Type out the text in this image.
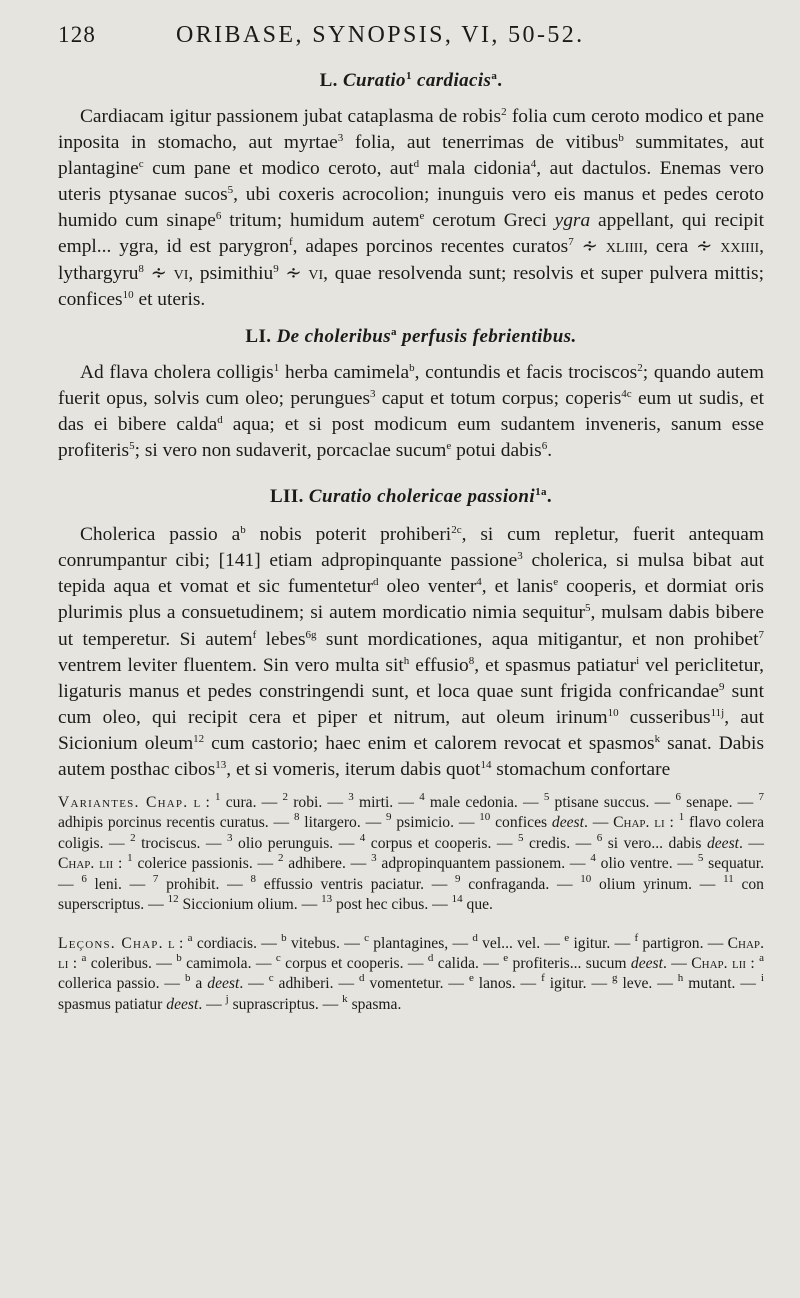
128	ORIBASE, SYNOPSIS, VI, 50-52.
L. Curatio$^1$ cardiacis$^a$.

Cardiacam igitur passionem jubat cataplasma de robis$^2$ folia cum ceroto modico et pane inposita in stomacho, aut myrtae$^3$ folia, aut tenerrimas de vitibus$^b$ summitates, aut plantagine$^c$ cum pane et modico ceroto, aut$^d$ mala cidonia$^4$, aut dactulos. Enemas vero uteris ptysanae sucos$^5$, ubi coxeris acrocolion; inunguis vero eis manus et pedes ceroto humido cum sinape$^6$ tritum; humidum autem$^e$ cerotum Greci ygra appellant, qui recipit empl... ygra, id est parygron$^f$, adapes porcinos recentes curatos$^7$ ∻ xliiii, cera ∻ xxiiii, lythargyru$^8$ ∻ vi, psimithiu$^9$ ∻ vi, quae resolvenda sunt; resolvis et super pulvera mittis; confices$^{10}$ et uteris.

LI. De choleribus$^a$ perfusis febrientibus.

Ad flava cholera colligis$^1$ herba camimela$^b$, contundis et facis trociscos$^2$; quando autem fuerit opus, solvis cum oleo; perungues$^3$ caput et totum corpus; coperis$^{4c}$ eum ut sudis, et das ei bibere calda$^d$ aqua; et si post modicum eum sudantem inveneris, sanum esse profiteris$^5$; si vero non sudaverit, porcaclae sucum$^e$ potui dabis$^6$.

LII. Curatio cholericae passioni$^{1a}$.

Cholerica passio $a^b$ nobis poterit prohiberi$^{2c}$, si cum repletur, fuerit antequam conrumpantur cibi; [141] etiam adpropinquante passione$^3$ cholerica, si mulsa bibat aut tepida aqua et vomat et sic fumentetur$^d$ oleo venter$^4$, et lanis$^e$ cooperis, et dormiat oris plurimis plus a consuetudinem; si autem mordicatio nimia sequitur$^5$, mulsam dabis bibere ut temperetur. Si autem$^f$ lebes$^{6g}$ sunt mordicationes, aqua mitigantur, et non prohibet$^7$ ventrem leviter fluentem. Sin vero multa sit$^h$ effusio$^8$, et spasmus patiatur$^i$ vel periclitetur, ligaturis manus et pedes constringendi sunt, et loca quae sunt frigida confricandae$^9$ sunt cum oleo, qui recipit cera et piper et nitrum, aut oleum irinum$^{10}$ cusseribus$^{11j}$, aut Sicionium oleum$^{12}$ cum castorio; haec enim et calorem revocat et spasmos$^k$ sanat. Dabis autem posthac cibos$^{13}$, et si vomeris, iterum dabis quot$^{14}$ stomachum confortare

Variantes. Chap. l : $^1$ cura. — $^2$ robi. — $^3$ mirti. — $^4$ male cedonia. — $^5$ ptisane succus. — $^6$ senape. — $^7$ adhipis porcinus recentis curatus. — $^8$ litargero. — $^9$ psimicio. — $^{10}$ confices deest. — Chap. li : $^1$ flavo colera coligis. — $^2$ trociscus. — $^3$ olio perunguis. — $^4$ corpus et cooperis. — $^5$ credis. — $^6$ si vero... dabis deest. — Chap. lii : $^1$ colerice passionis. — $^2$ adhibere. — $^3$ adpropinquantem passionem. — $^4$ olio ventre. — $^5$ sequatur. — $^6$ leni. — $^7$ prohibit. — $^8$ effussio ventris paciatur. — $^9$ confraganda. — $^{10}$ olium yrinum. — $^{11}$ con superscriptus. — $^{12}$ Siccionium olium. — $^{13}$ post hec cibus. — $^{14}$ que.

Leçons. Chap. l : $^a$ cordiacis. — $^b$ vitebus. — $^c$ plantagines, — $^d$ vel... vel. — $^e$ igitur. — $^f$ partigron. — Chap. li : $^a$ coleribus. — $^b$ camimola. — $^c$ corpus et cooperis. — $^d$ calida. — $^e$ profiteris... sucum deest. — Chap. lii : $^a$ collerica passio. — $^b$ a deest. — $^c$ adhiberi. — $^d$ vomentetur. — $^e$ lanos. — $^f$ igitur. — $^g$ leve. — $^h$ mutant. — $^i$ spasmus patiatur deest. — $^j$ suprascriptus. — $^k$ spasma.
